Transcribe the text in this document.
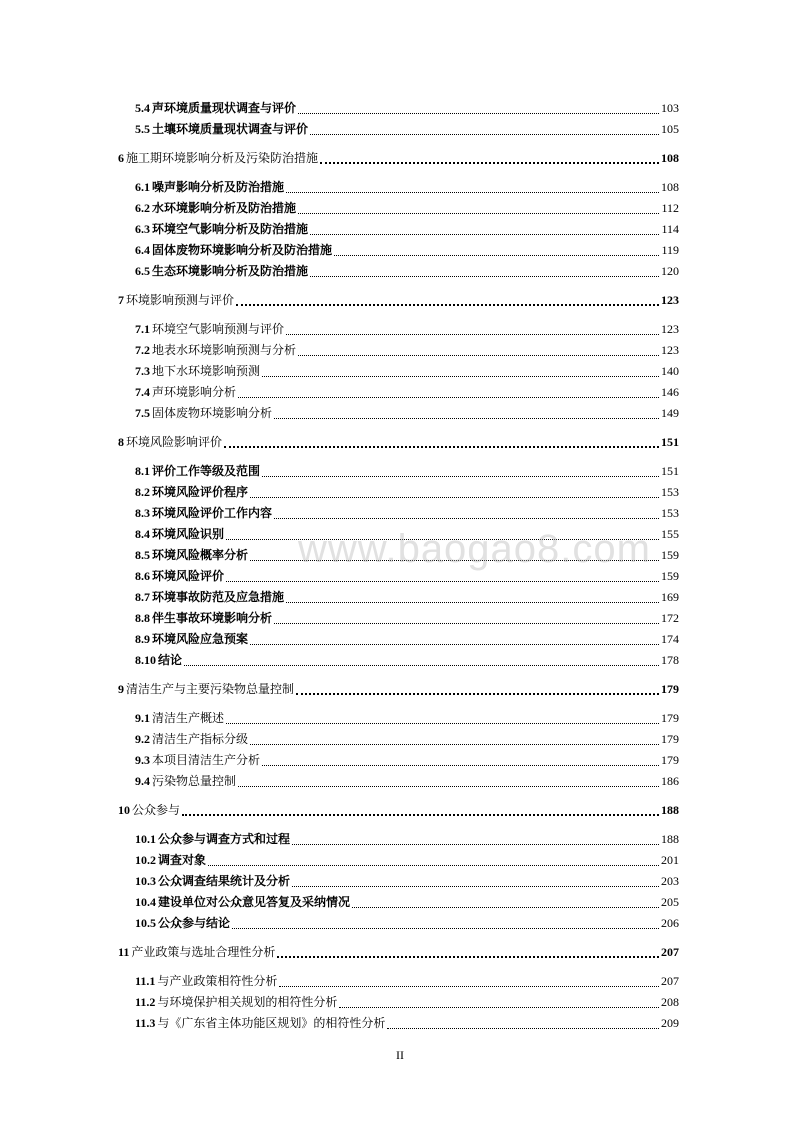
5.4 声环境质量现状调查与评价	103
5.5 土壤环境质量现状调查与评价	105
6 施工期环境影响分析及污染防治措施	108
6.1 噪声影响分析及防治措施	108
6.2 水环境影响分析及防治措施	112
6.3 环境空气影响分析及防治措施	114
6.4 固体废物环境影响分析及防治措施	119
6.5 生态环境影响分析及防治措施	120
7 环境影响预测与评价	123
7.1 环境空气影响预测与评价	123
7.2 地表水环境影响预测与分析	123
7.3 地下水环境影响预测	140
7.4 声环境影响分析	146
7.5 固体废物环境影响分析	149
8 环境风险影响评价	151
8.1 评价工作等级及范围	151
8.2 环境风险评价程序	153
8.3 环境风险评价工作内容	153
8.4 环境风险识别	155
8.5 环境风险概率分析	159
8.6 环境风险评价	159
8.7 环境事故防范及应急措施	169
8.8 伴生事故环境影响分析	172
8.9 环境风险应急预案	174
8.10 结论	178
9 清洁生产与主要污染物总量控制	179
9.1 清洁生产概述	179
9.2 清洁生产指标分级	179
9.3 本项目清洁生产分析	179
9.4 污染物总量控制	186
10 公众参与	188
10.1 公众参与调查方式和过程	188
10.2 调查对象	201
10.3 公众调查结果统计及分析	203
10.4 建设单位对公众意见答复及采纳情况	205
10.5 公众参与结论	206
11 产业政策与选址合理性分析	207
11.1 与产业政策相符性分析	207
11.2 与环境保护相关规划的相符性分析	208
11.3 与《广东省主体功能区规划》的相符性分析	209
www.baogao8.com
II
